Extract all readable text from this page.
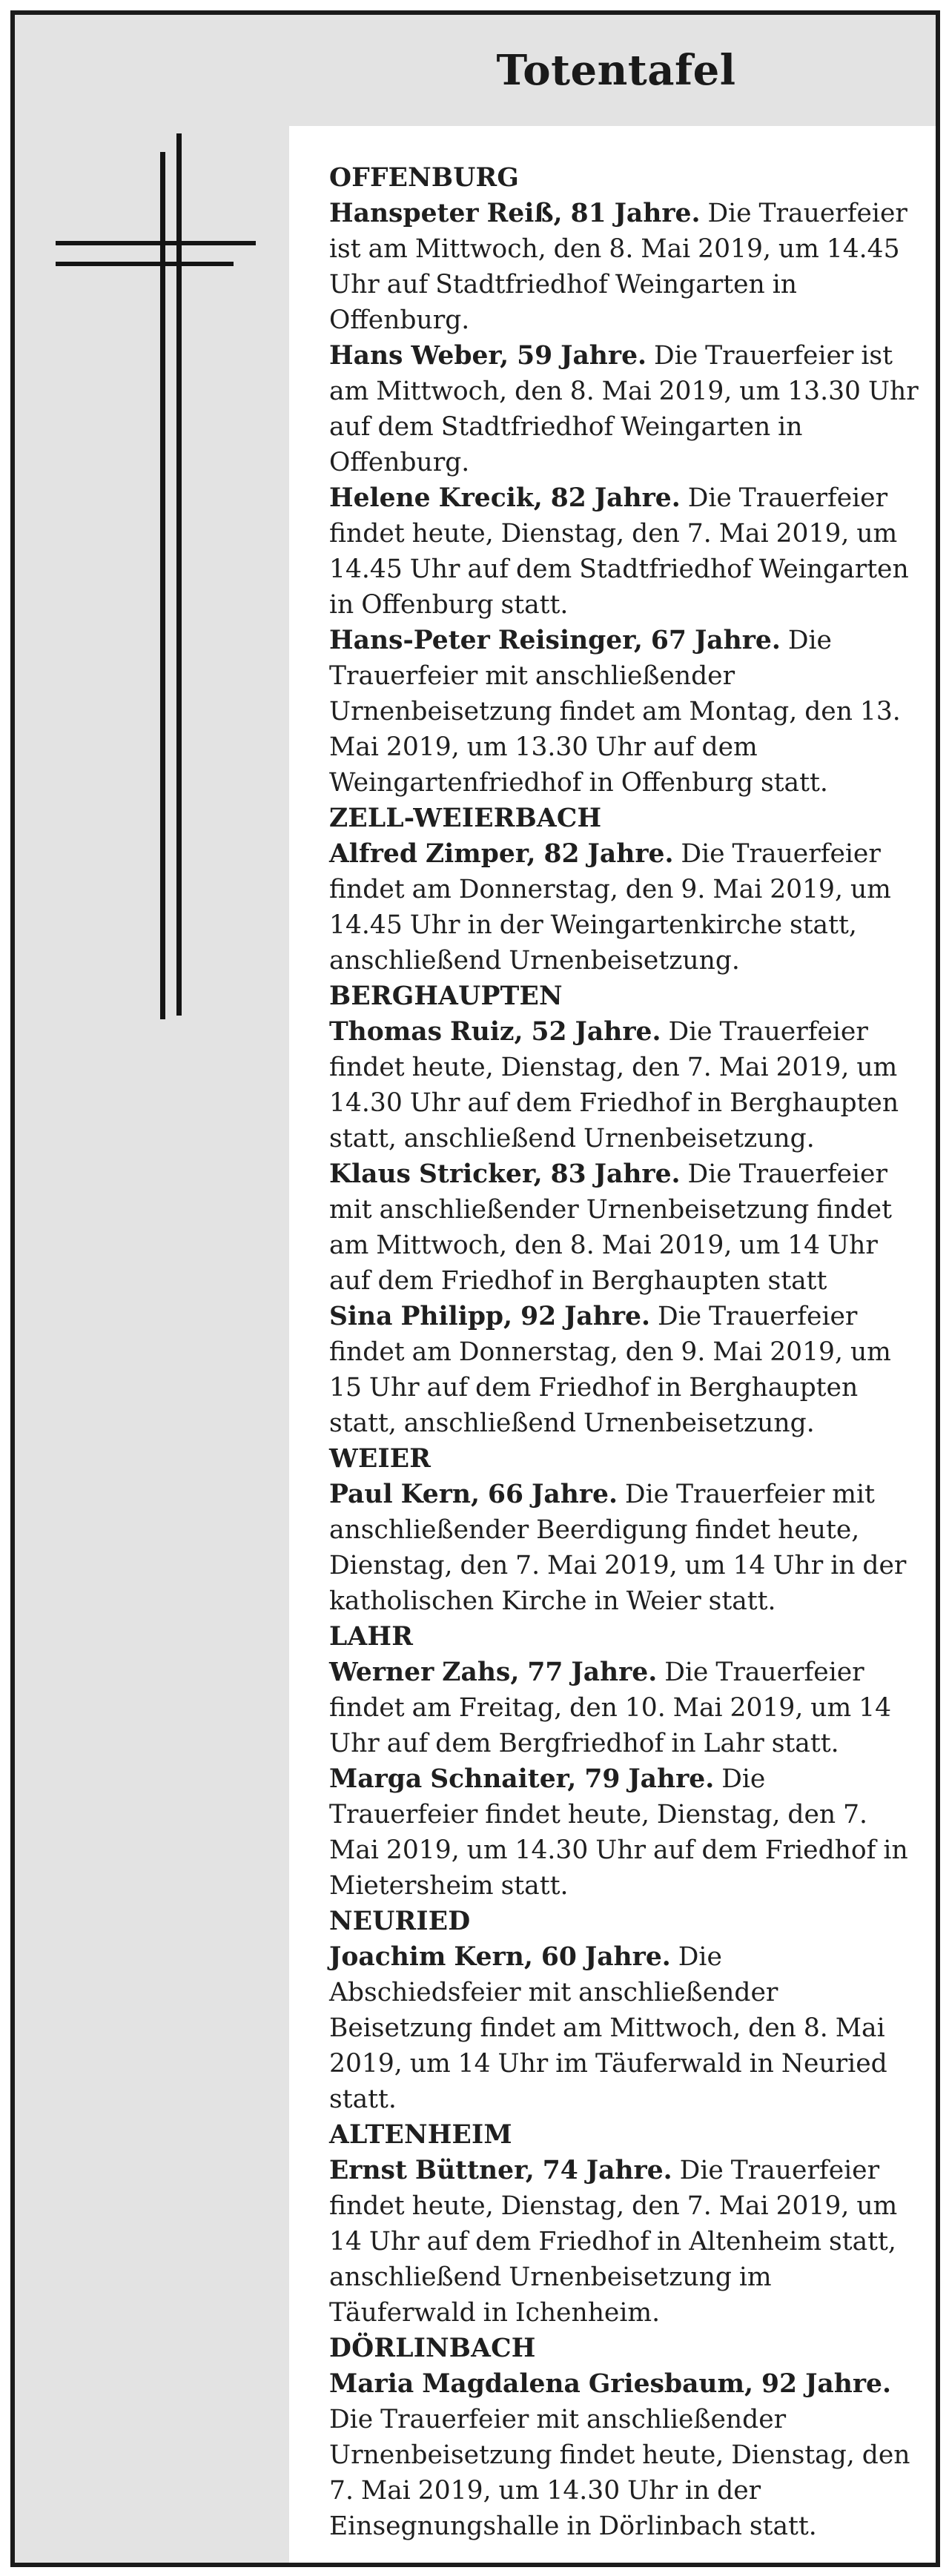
Totentafel
OFFENBURG
Hanspeter Reiß, 81 Jahre. Die Trauerfeier ist am Mittwoch, den 8. Mai 2019, um 14.45 Uhr auf Stadtfriedhof Weingarten in Offenburg.
Hans Weber, 59 Jahre. Die Trauerfeier ist am Mittwoch, den 8. Mai 2019, um 13.30 Uhr auf dem Stadtfriedhof Weingarten in Offenburg.
Helene Krecik, 82 Jahre. Die Trauerfeier findet heute, Dienstag, den 7. Mai 2019, um 14.45 Uhr auf dem Stadtfriedhof Weingarten in Offenburg statt.
Hans-Peter Reisinger, 67 Jahre. Die Trauerfeier mit anschließender Urnenbeisetzung findet am Montag, den 13. Mai 2019, um 13.30 Uhr auf dem Weingartenfriedhof in Offenburg statt.
ZELL-WEIERBACH
Alfred Zimper, 82 Jahre. Die Trauerfeier findet am Donnerstag, den 9. Mai 2019, um 14.45 Uhr in der Weingartenkirche statt, anschließend Urnenbeisetzung.
BERGHAUPTEN
Thomas Ruiz, 52 Jahre. Die Trauerfeier findet heute, Dienstag, den 7. Mai 2019, um 14.30 Uhr auf dem Friedhof in Berghaupten statt, anschließend Urnenbeisetzung.
Klaus Stricker, 83 Jahre. Die Trauerfeier mit anschließender Urnenbeisetzung findet am Mittwoch, den 8. Mai 2019, um 14 Uhr auf dem Friedhof in Berghaupten statt
Sina Philipp, 92 Jahre. Die Trauerfeier findet am Donnerstag, den 9. Mai 2019, um 15 Uhr auf dem Friedhof in Berghaupten statt, anschließend Urnenbeisetzung.
WEIER
Paul Kern, 66 Jahre. Die Trauerfeier mit anschließender Beerdigung findet heute, Dienstag, den 7. Mai 2019, um 14 Uhr in der katholischen Kirche in Weier statt.
LAHR
Werner Zahs, 77 Jahre. Die Trauerfeier findet am Freitag, den 10. Mai 2019, um 14 Uhr auf dem Bergfriedhof in Lahr statt.
Marga Schnaiter, 79 Jahre. Die Trauerfeier findet heute, Dienstag, den 7. Mai 2019, um 14.30 Uhr auf dem Friedhof in Mietersheim statt.
NEURIED
Joachim Kern, 60 Jahre. Die Abschiedsfeier mit anschließender Beisetzung findet am Mittwoch, den 8. Mai 2019, um 14 Uhr im Täuferwald in Neuried statt.
ALTENHEIM
Ernst Büttner, 74 Jahre. Die Trauerfeier findet heute, Dienstag, den 7. Mai 2019, um 14 Uhr auf dem Friedhof in Altenheim statt, anschließend Urnenbeisetzung im Täuferwald in Ichenheim.
DÖRLINBACH
Maria Magdalena Griesbaum, 92 Jahre. Die Trauerfeier mit anschließender Urnenbeisetzung findet heute, Dienstag, den 7. Mai 2019, um 14.30 Uhr in der Einsegnungshalle in Dörlinbach statt.
